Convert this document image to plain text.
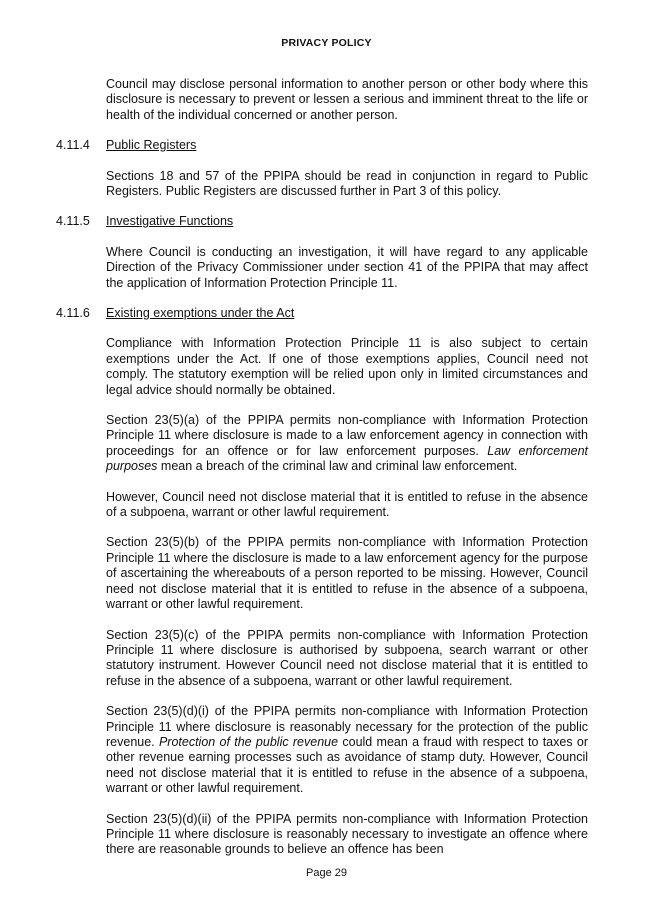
PRIVACY POLICY

Council may disclose personal information to another person or other body where this disclosure is necessary to prevent or lessen a serious and imminent threat to the life or health of the individual concerned or another person.

4.11.4 Public Registers

Sections 18 and 57 of the PPIPA should be read in conjunction in regard to Public Registers. Public Registers are discussed further in Part 3 of this policy.

4.11.5 Investigative Functions

Where Council is conducting an investigation, it will have regard to any applicable Direction of the Privacy Commissioner under section 41 of the PPIPA that may affect the application of Information Protection Principle 11.

4.11.6 Existing exemptions under the Act

Compliance with Information Protection Principle 11 is also subject to certain exemptions under the Act. If one of those exemptions applies, Council need not comply. The statutory exemption will be relied upon only in limited circumstances and legal advice should normally be obtained.

Section 23(5)(a) of the PPIPA permits non-compliance with Information Protection Principle 11 where disclosure is made to a law enforcement agency in connection with proceedings for an offence or for law enforcement purposes. Law enforcement purposes mean a breach of the criminal law and criminal law enforcement.

However, Council need not disclose material that it is entitled to refuse in the absence of a subpoena, warrant or other lawful requirement.

Section 23(5)(b) of the PPIPA permits non-compliance with Information Protection Principle 11 where the disclosure is made to a law enforcement agency for the purpose of ascertaining the whereabouts of a person reported to be missing. However, Council need not disclose material that it is entitled to refuse in the absence of a subpoena, warrant or other lawful requirement.

Section 23(5)(c) of the PPIPA permits non-compliance with Information Protection Principle 11 where disclosure is authorised by subpoena, search warrant or other statutory instrument. However Council need not disclose material that it is entitled to refuse in the absence of a subpoena, warrant or other lawful requirement.

Section 23(5)(d)(i) of the PPIPA permits non-compliance with Information Protection Principle 11 where disclosure is reasonably necessary for the protection of the public revenue. Protection of the public revenue could mean a fraud with respect to taxes or other revenue earning processes such as avoidance of stamp duty. However, Council need not disclose material that it is entitled to refuse in the absence of a subpoena, warrant or other lawful requirement.

Section 23(5)(d)(ii) of the PPIPA permits non-compliance with Information Protection Principle 11 where disclosure is reasonably necessary to investigate an offence where there are reasonable grounds to believe an offence has been

Page 29
